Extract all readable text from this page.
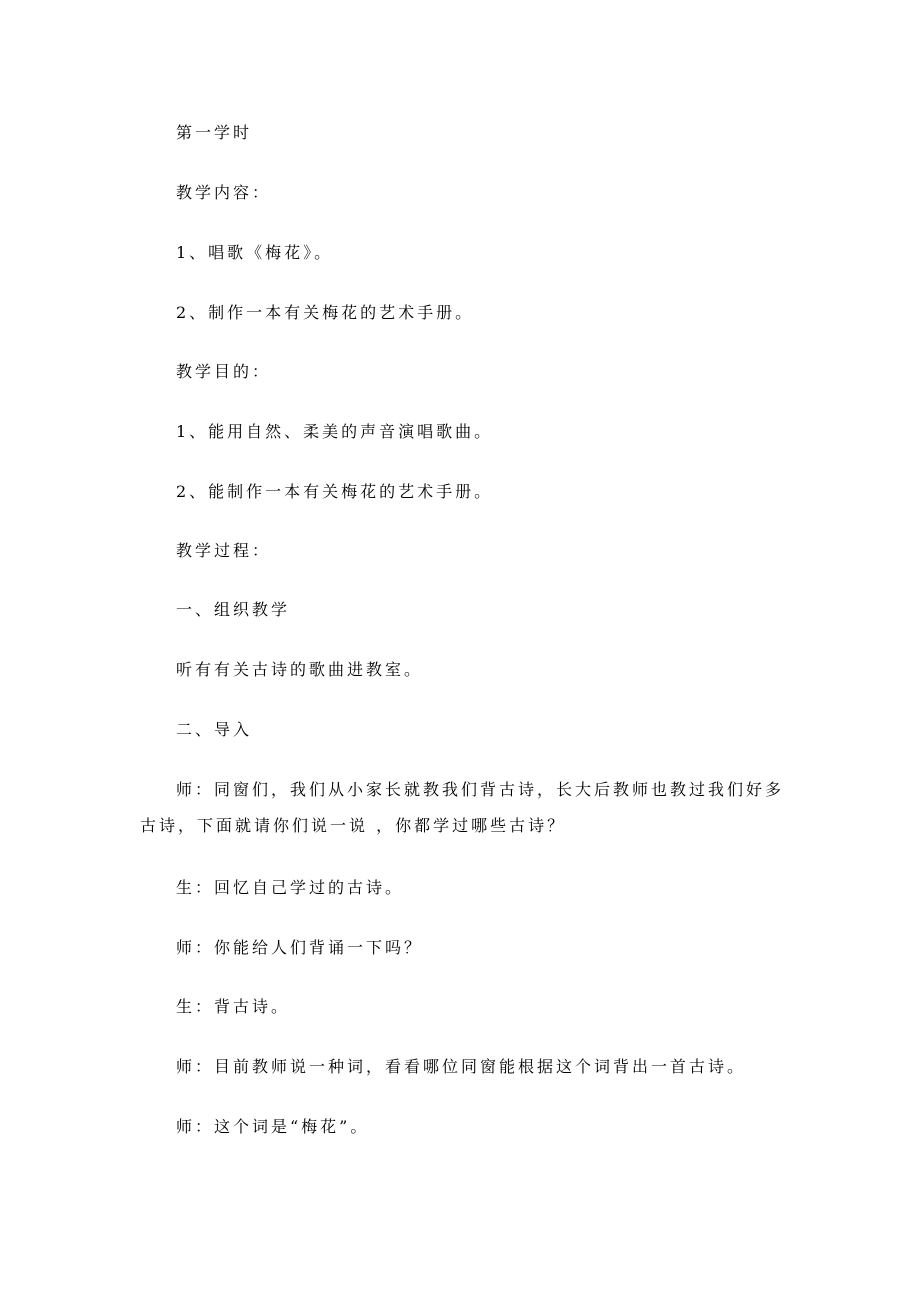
第一学时
教学内容：
1、唱歌《梅花》。
2、制作一本有关梅花的艺术手册。
教学目的：
1、能用自然、柔美的声音演唱歌曲。
2、能制作一本有关梅花的艺术手册。
教学过程：
一、组织教学
听有有关古诗的歌曲进教室。
二、导入
师：同窗们，我们从小家长就教我们背古诗，长大后教师也教过我们好多古诗，下面就请你们说一说 ，你都学过哪些古诗？
生：回忆自己学过的古诗。
师：你能给人们背诵一下吗？
生：背古诗。
师：目前教师说一种词，看看哪位同窗能根据这个词背出一首古诗。
师：这个词是“梅花”。
